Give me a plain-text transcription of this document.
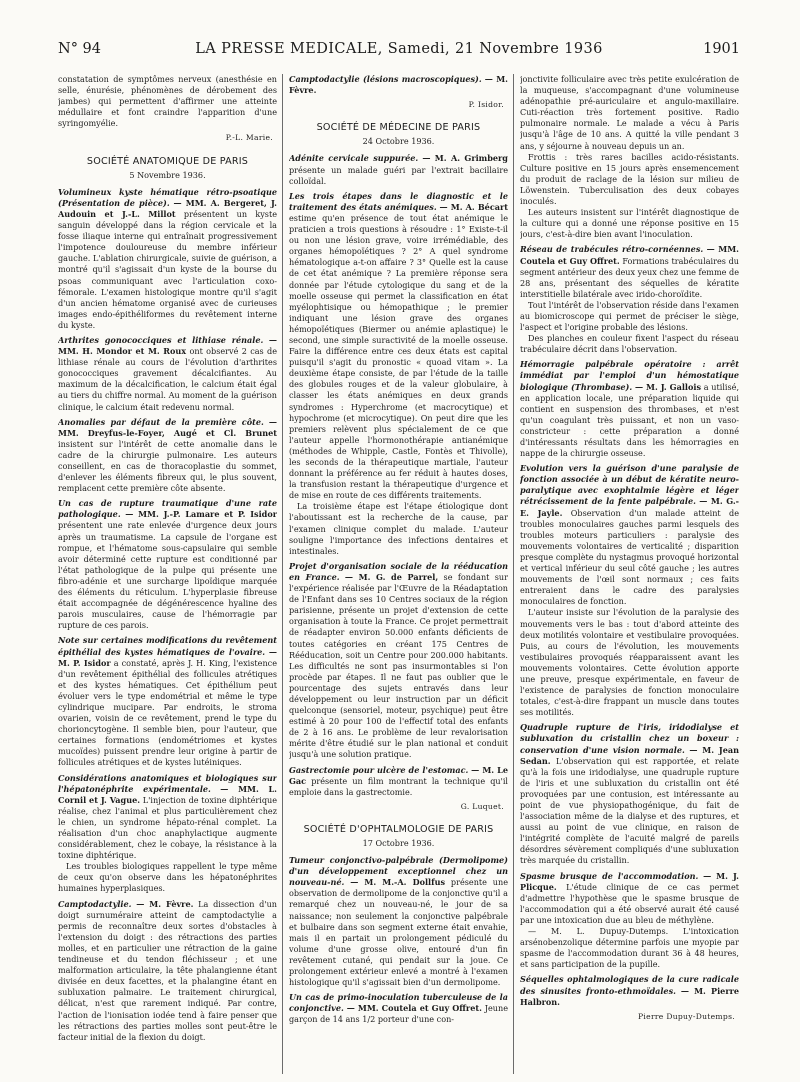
N° 94	LA PRESSE MEDICALE, Samedi, 21 Novembre 1936	1901

constatation de symptômes nerveux (anesthésie en selle, énurésie, phénomènes de dérobement des jambes) qui permettent d'affirmer une atteinte médullaire et font craindre l'apparition d'une syringomyélie.

P.-L. Marie.

SOCIÉTÉ ANATOMIQUE DE PARIS

5 Novembre 1936.

Volumineux kyste hématique rétro-psoatique (Présentation de pièce). — MM. A. Bergeret, J. Audouin et J.-L. Millot présentent un kyste sanguin développé dans la région cervicale et la fosse iliaque interne qui entraînait progressivement l'impotence douloureuse du membre inférieur gauche. L'ablation chirurgicale, suivie de guérison, a montré qu'il s'agissait d'un kyste de la bourse du psoas communiquant avec l'articulation coxo-fémorale. L'examen histologique montre qu'il s'agit d'un ancien hématome organisé avec de curieuses images endo-épithéliformes du revêtement interne du kyste.

Arthrites gonococciques et lithiase rénale. — MM. H. Mondor et M. Roux ont observé 2 cas de lithiase rénale au cours de l'évolution d'arthrites gonococciques gravement décalcifiantes. Au maximum de la décalcification, le calcium était égal au tiers du chiffre normal. Au moment de la guérison clinique, le calcium était redevenu normal.

Anomalies par défaut de la première côte. — MM. Dreyfus-le-Foyer, Augé et Cl. Brunet insistent sur l'intérêt de cette anomalie dans le cadre de la chirurgie pulmonaire. Les auteurs conseillent, en cas de thoracoplastie du sommet, d'enlever les éléments fibreux qui, le plus souvent, remplacent cette première côte absente.

Un cas de rupture traumatique d'une rate pathologique. — MM. J.-P. Lamare et P. Isidor présentent une rate enlevée d'urgence deux jours après un traumatisme. La capsule de l'organe est rompue, et l'hématome sous-capsulaire qui semble avoir déterminé cette rupture est conditionné par l'état pathologique de la pulpe qui présente une fibro-adénie et une surcharge lipoïdique marquée des éléments du réticulum. L'hyperplasie fibreuse était accompagnée de dégénérescence hyaline des parois musculaires, cause de l'hémorragie par rupture de ces parois.

Note sur certaines modifications du revêtement épithélial des kystes hématiques de l'ovaire. — M. P. Isidor a constaté, après J. H. King, l'existence d'un revêtement épithélial des follicules atrétiques et des kystes hématiques. Cet épithélium peut évoluer vers le type endométrial et même le type cylindrique mucipare. Par endroits, le stroma ovarien, voisin de ce revêtement, prend le type du chorioncytogène. Il semble bien, pour l'auteur, que certaines formations (endométriomes et kystes mucoïdes) puissent prendre leur origine à partir de follicules atrétiques et de kystes lutéiniques.

Considérations anatomiques et biologiques sur l'hépatonéphrite expérimentale. — MM. L. Cornil et J. Vague. L'injection de toxine diphtérique réalise, chez l'animal et plus particulièrement chez le chien, un syndrome hépato-rénal complet. La réalisation d'un choc anaphylactique augmente considérablement, chez le cobaye, la résistance à la toxine diphtérique.

Les troubles biologiques rappellent le type même de ceux qu'on observe dans les hépatonéphrites humaines hyperplasiques.

Camptodactylie. — M. Fèvre. La dissection d'un doigt surnuméraire atteint de camptodactylie a permis de reconnaître deux sortes d'obstacles à l'extension du doigt : des rétractions des parties molles, et en particulier une rétraction de la gaine tendineuse et du tendon fléchisseur ; et une malformation articulaire, la tête phalangienne étant divisée en deux facettes, et la phalangine étant en subluxation palmaire. Le traitement chirurgical, délicat, n'est que rarement indiqué. Par contre, l'action de l'ionisation iodée tend à faire penser que les rétractions des parties molles sont peut-être le facteur initial de la flexion du doigt.

Camptodactylie (lésions macroscopiques). — M. Fèvre.

P. Isidor.

SOCIÉTÉ DE MÉDECINE DE PARIS

24 Octobre 1936.

Adénite cervicale suppurée. — M. A. Grimberg présente un malade guéri par l'extrait bacillaire colloïdal.

Les trois étapes dans le diagnostic et le traitement des états anémiques. — M. A. Bécart estime qu'en présence de tout état anémique le praticien a trois questions à résoudre : 1° Existe-t-il ou non une lésion grave, voire irrémédiable, des organes hémopoïétiques ? 2° A quel syndrome hématologique a-t-on affaire ? 3° Quelle est la cause de cet état anémique ? La première réponse sera donnée par l'étude cytologique du sang et de la moelle osseuse qui permet la classification en état myélophtisique ou hémopathique ; le premier indiquant une lésion grave des organes hémopoïétiques (Biermer ou anémie aplastique) le second, une simple suractivité de la moelle osseuse. Faire la différence entre ces deux états est capital puisqu'il s'agit du pronostic « quoad vitam ». La deuxième étape consiste, de par l'étude de la taille des globules rouges et de la valeur globulaire, à classer les états anémiques en deux grands syndromes : Hyperchrome (et macrocytique) et hypochrome (et microcytique). On peut dire que les premiers relèvent plus spécialement de ce que l'auteur appelle l'hormonothérapie antianémique (méthodes de Whipple, Castle, Fontès et Thivolle), les seconds de la thérapeutique martiale, l'auteur donnant la préférence au fer réduit à hautes doses, la transfusion restant la thérapeutique d'urgence et de mise en route de ces différents traitements.

La troisième étape est l'étape étiologique dont l'aboutissant est la recherche de la cause, par l'examen clinique complet du malade. L'auteur souligne l'importance des infections dentaires et intestinales.

Projet d'organisation sociale de la rééducation en France. — M. G. de Parrel, se fondant sur l'expérience réalisée par l'Œuvre de la Réadaptation de l'Enfant dans ses 10 Centres sociaux de la région parisienne, présente un projet d'extension de cette organisation à toute la France. Ce projet permettrait de réadapter environ 50.000 enfants déficients de toutes catégories en créant 175 Centres de Rééducation, soit un Centre pour 200.000 habitants. Les difficultés ne sont pas insurmontables si l'on procède par étapes. Il ne faut pas oublier que le pourcentage des sujets entravés dans leur développement ou leur instruction par un déficit quelconque (sensoriel, moteur, psychique) peut être estimé à 20 pour 100 de l'effectif total des enfants de 2 à 16 ans. Le problème de leur revalorisation mérite d'être étudié sur le plan national et conduit jusqu'à une solution pratique.

Gastrectomie pour ulcère de l'estomac. — M. Le Gac présente un film montrant la technique qu'il emploie dans la gastrectomie.

G. Luquet.

SOCIÉTÉ D'OPHTALMOLOGIE DE PARIS

17 Octobre 1936.

Tumeur conjonctivo-palpébrale (Dermolipome) d'un développement exceptionnel chez un nouveau-né. — M. M.-A. Dollfus présente une observation de dermolipome de la conjonctive qu'il a remarqué chez un nouveau-né, le jour de sa naissance; non seulement la conjonctive palpébrale et bulbaire dans son segment externe était envahie, mais il en partait un prolongement pédiculé du volume d'une grosse olive, entouré d'un fin revêtement cutané, qui pendait sur la joue. Ce prolongement extérieur enlevé a montré à l'examen histologique qu'il s'agissait bien d'un dermolipome.

Un cas de primo-inoculation tuberculeuse de la conjonctive. — MM. Coutela et Guy Offret. Jeune garçon de 14 ans 1/2 porteur d'une con-

jonctivite folliculaire avec très petite exulcération de la muqueuse, s'accompagnant d'une volumineuse adénopathie pré-auriculaire et angulo-maxillaire. Cuti-réaction très fortement positive. Radio pulmonaire normale. Le malade a vécu à Paris jusqu'à l'âge de 10 ans. A quitté la ville pendant 3 ans, y séjourne à nouveau depuis un an.

Frottis : très rares bacilles acido-résistants. Culture positive en 15 jours après ensemencement du produit de raclage de la lésion sur milieu de Löwenstein. Tuberculisation des deux cobayes inoculés.

Les auteurs insistent sur l'intérêt diagnostique de la culture qui a donné une réponse positive en 15 jours, c'est-à-dire bien avant l'inoculation.

Réseau de trabécules rétro-cornéennes. — MM. Coutela et Guy Offret. Formations trabéculaires du segment antérieur des deux yeux chez une femme de 28 ans, présentant des séquelles de kératite interstitielle bilatérale avec irido-choroïdite.

Tout l'intérêt de l'observation réside dans l'examen au biomicroscope qui permet de préciser le siège, l'aspect et l'origine probable des lésions.

Des planches en couleur fixent l'aspect du réseau trabéculaire décrit dans l'observation.

Hémorragie palpébrale opératoire : arrêt immédiat par l'emploi d'un hémostatique biologique (Thrombase). — M. J. Gallois a utilisé, en application locale, une préparation liquide qui contient en suspension des thrombases, et n'est qu'un coagulant très puissant, et non un vaso-constricteur : cette préparation a donné d'intéressants résultats dans les hémorragies en nappe de la chirurgie osseuse.

Evolution vers la guérison d'une paralysie de fonction associée à un début de kératite neuro-paralytique avec exophtalmie légère et léger rétrécissement de la fente palpébrale. — M. G.-E. Jayle. Observation d'un malade atteint de troubles monoculaires gauches parmi lesquels des troubles moteurs particuliers : paralysie des mouvements volontaires de verticalité ; disparition presque complète du nystagmus provoqué horizontal et vertical inférieur du seul côté gauche ; les autres mouvements de l'œil sont normaux ; ces faits entreraient dans le cadre des paralysies monoculaires de fonction.

L'auteur insiste sur l'évolution de la paralysie des mouvements vers le bas : tout d'abord atteinte des deux motilités volontaire et vestibulaire provoquées. Puis, au cours de l'évolution, les mouvements vestibulaires provoqués réapparaissent avant les mouvements volontaires. Cette évolution apporte une preuve, presque expérimentale, en faveur de l'existence de paralysies de fonction monoculaire totales, c'est-à-dire frappant un muscle dans toutes ses motilités.

Quadruple rupture de l'iris, iridodialyse et subluxation du cristallin chez un boxeur : conservation d'une vision normale. — M. Jean Sedan. L'observation qui est rapportée, et relate qu'à la fois une iridodialyse, une quadruple rupture de l'iris et une subluxation du cristallin ont été provoquées par une contusion, est intéressante au point de vue physiopathogénique, du fait de l'association même de la dialyse et des ruptures, et aussi au point de vue clinique, en raison de l'intégrité complète de l'acuité malgré de pareils désordres sévèrement compliqués d'une subluxation très marquée du cristallin.

Spasme brusque de l'accommodation. — M. J. Plicque. L'étude clinique de ce cas permet d'admettre l'hypothèse que le spasme brusque de l'accommodation qui a été observé aurait été causé par une intoxication due au bleu de méthylène.

— M. L. Dupuy-Dutemps. L'intoxication arsénobenzolique détermine parfois une myopie par spasme de l'accommodation durant 36 à 48 heures, et sans participation de la pupille.

Séquelles ophtalmologiques de la cure radicale des sinusites fronto-ethmoïdales. — M. Pierre Halbron.

Pierre Dupuy-Dutemps.
